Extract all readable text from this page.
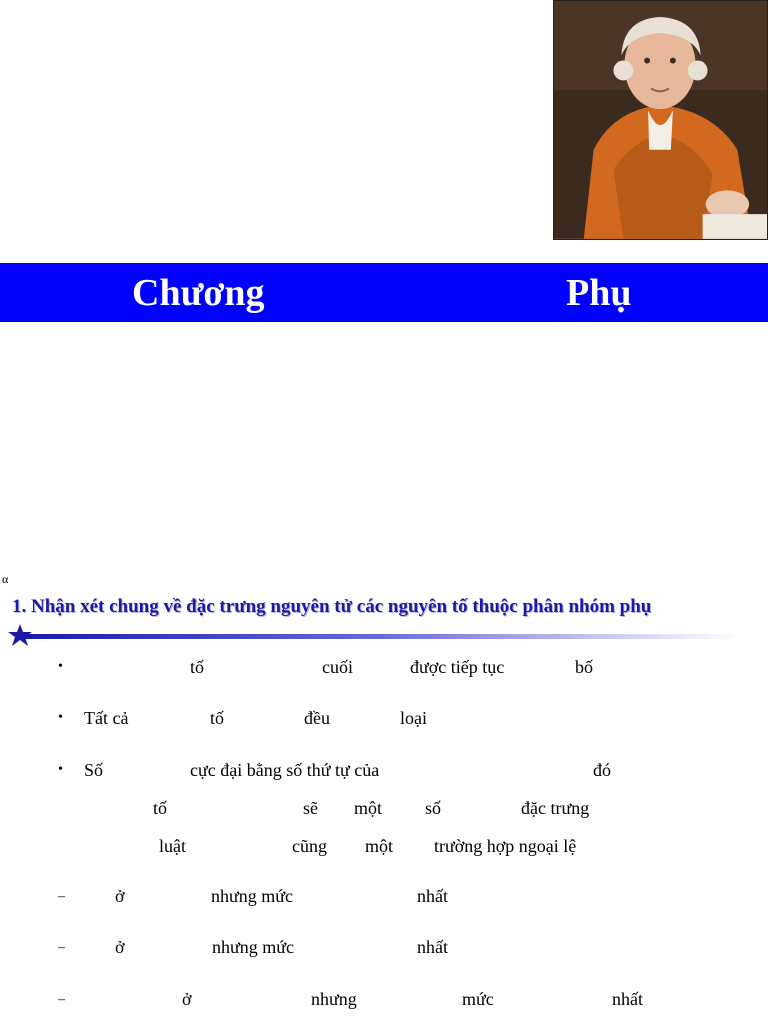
Chương	Phụ
α
1. Nhận xét chung về đặc trưng nguyên tử các nguyên tố thuộc phân nhóm phụ
•
•
•
tố	cuối	được tiếp tục	bố
Tất cả	tố	đều	loại
Số	cực đại bằng số thứ tự của	đó
tố	sẽ một số	đặc trưng
luật	cũng một trường hợp ngoại lệ
–
–
–
ở	nhưng mức	nhất
ở	nhưng mức	nhất
ở	nhưng	mức	nhất
